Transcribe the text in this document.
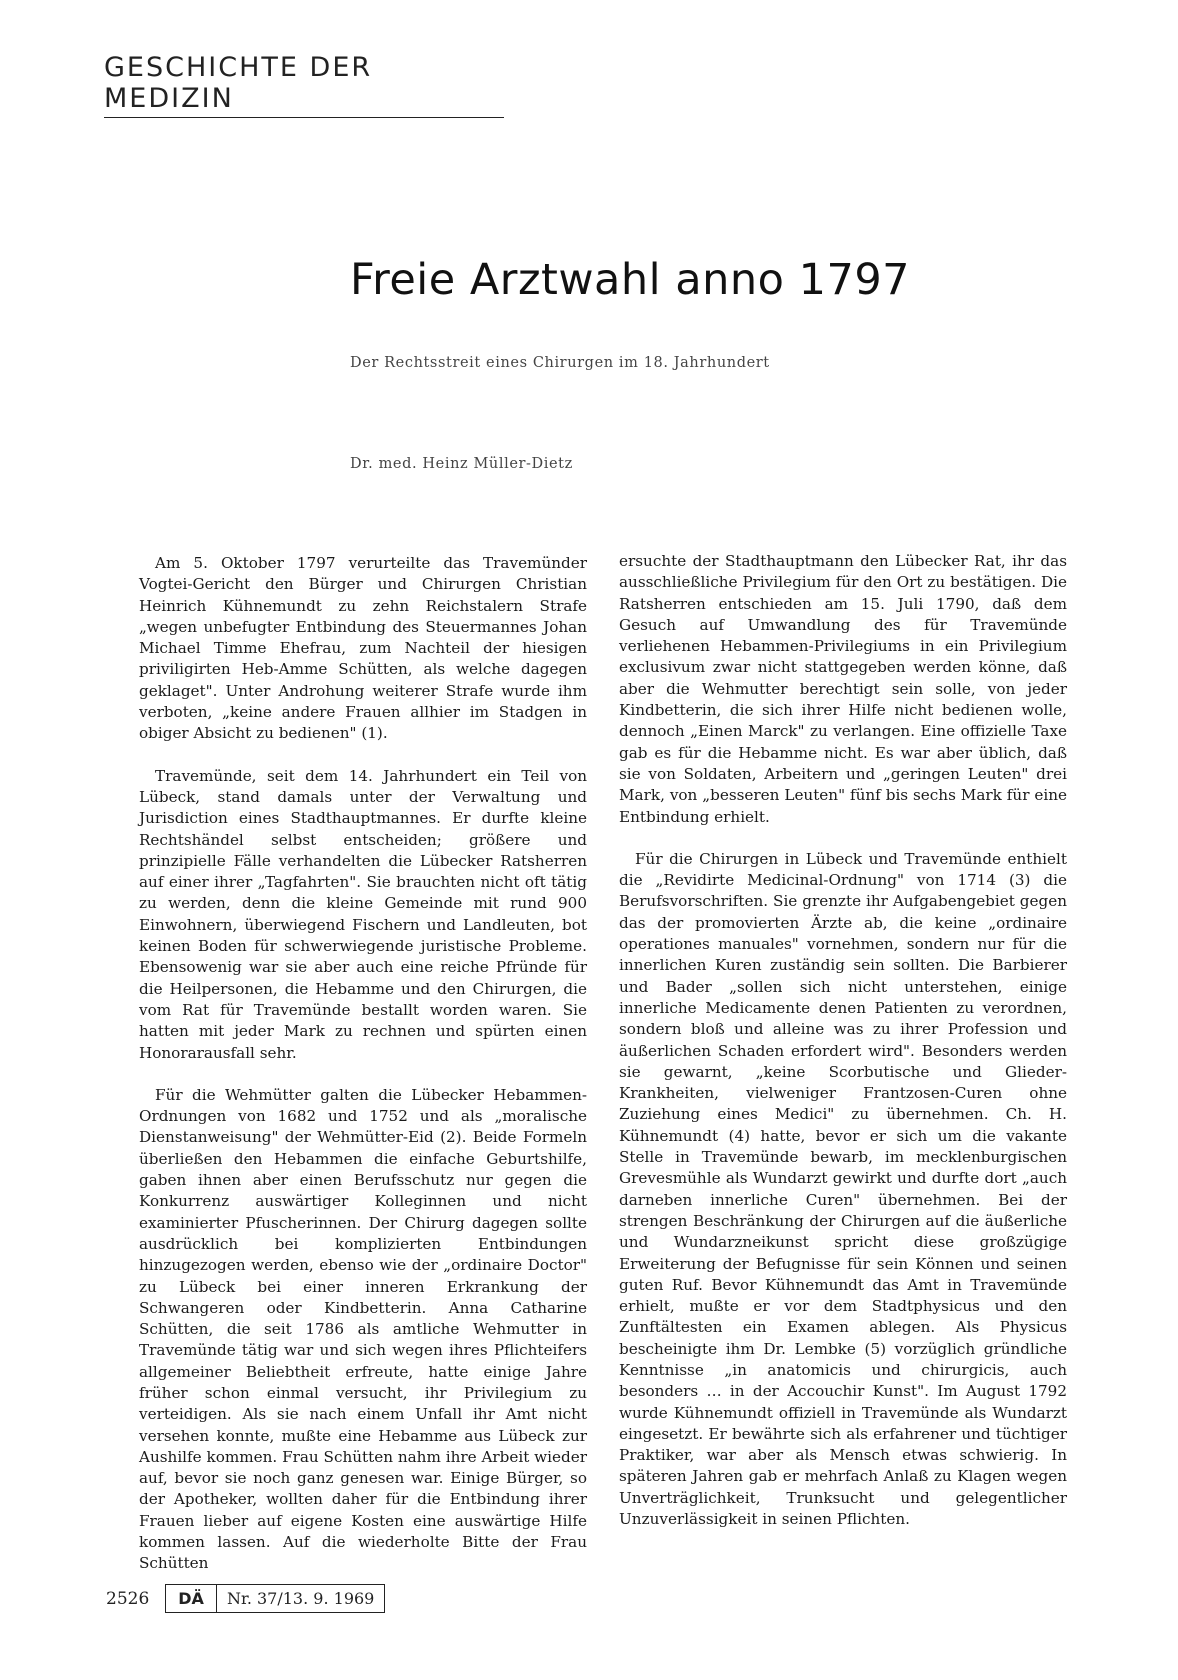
GESCHICHTE DER MEDIZIN
Freie Arztwahl anno 1797
Der Rechtsstreit eines Chirurgen im 18. Jahrhundert
Dr. med. Heinz Müller-Dietz

Am 5. Oktober 1797 verurteilte das Travemünder Vogtei-Gericht den Bürger und Chirurgen Christian Heinrich Kühnemundt zu zehn Reichstalern Strafe „wegen unbefugter Entbindung des Steuermannes Johan Michael Timme Ehefrau, zum Nachteil der hiesigen priviligirten Heb-Amme Schütten, als welche dagegen geklaget". Unter Androhung weiterer Strafe wurde ihm verboten, „keine andere Frauen allhier im Stadgen in obiger Absicht zu bedienen" (1).

Travemünde, seit dem 14. Jahrhundert ein Teil von Lübeck, stand damals unter der Verwaltung und Jurisdiction eines Stadthauptmannes. Er durfte kleine Rechtshändel selbst entscheiden; größere und prinzipielle Fälle verhandelten die Lübecker Ratsherren auf einer ihrer „Tagfahrten". Sie brauchten nicht oft tätig zu werden, denn die kleine Gemeinde mit rund 900 Einwohnern, überwiegend Fischern und Landleuten, bot keinen Boden für schwerwiegende juristische Probleme. Ebensowenig war sie aber auch eine reiche Pfründe für die Heilpersonen, die Hebamme und den Chirurgen, die vom Rat für Travemünde bestallt worden waren. Sie hatten mit jeder Mark zu rechnen und spürten einen Honorarausfall sehr.

Für die Wehmütter galten die Lübecker Hebammen-Ordnungen von 1682 und 1752 und als „moralische Dienstanweisung" der Wehmütter-Eid (2). Beide Formeln überließen den Hebammen die einfache Geburtshilfe, gaben ihnen aber einen Berufsschutz nur gegen die Konkurrenz auswärtiger Kolleginnen und nicht examinierter Pfuscherinnen. Der Chirurg dagegen sollte ausdrücklich bei komplizierten Entbindungen hinzugezogen werden, ebenso wie der „ordinaire Doctor" zu Lübeck bei einer inneren Erkrankung der Schwangeren oder Kindbetterin. Anna Catharine Schütten, die seit 1786 als amtliche Wehmutter in Travemünde tätig war und sich wegen ihres Pflichteifers allgemeiner Beliebtheit erfreute, hatte einige Jahre früher schon einmal versucht, ihr Privilegium zu verteidigen. Als sie nach einem Unfall ihr Amt nicht versehen konnte, mußte eine Hebamme aus Lübeck zur Aushilfe kommen. Frau Schütten nahm ihre Arbeit wieder auf, bevor sie noch ganz genesen war. Einige Bürger, so der Apotheker, wollten daher für die Entbindung ihrer Frauen lieber auf eigene Kosten eine auswärtige Hilfe kommen lassen. Auf die wiederholte Bitte der Frau Schütten

ersuchte der Stadthauptmann den Lübecker Rat, ihr das ausschließliche Privilegium für den Ort zu bestätigen. Die Ratsherren entschieden am 15. Juli 1790, daß dem Gesuch auf Umwandlung des für Travemünde verliehenen Hebammen-Privilegiums in ein Privilegium exclusivum zwar nicht stattgegeben werden könne, daß aber die Wehmutter berechtigt sein solle, von jeder Kindbetterin, die sich ihrer Hilfe nicht bedienen wolle, dennoch „Einen Marck" zu verlangen. Eine offizielle Taxe gab es für die Hebamme nicht. Es war aber üblich, daß sie von Soldaten, Arbeitern und „geringen Leuten" drei Mark, von „besseren Leuten" fünf bis sechs Mark für eine Entbindung erhielt.

Für die Chirurgen in Lübeck und Travemünde enthielt die „Revidirte Medicinal-Ordnung" von 1714 (3) die Berufsvorschriften. Sie grenzte ihr Aufgabengebiet gegen das der promovierten Ärzte ab, die keine „ordinaire operationes manuales" vornehmen, sondern nur für die innerlichen Kuren zuständig sein sollten. Die Barbierer und Bader „sollen sich nicht unterstehen, einige innerliche Medicamente denen Patienten zu verordnen, sondern bloß und alleine was zu ihrer Profession und äußerlichen Schaden erfordert wird". Besonders werden sie gewarnt, „keine Scorbutische und Glieder-Krankheiten, vielweniger Frantzosen-Curen ohne Zuziehung eines Medici" zu übernehmen. Ch. H. Kühnemundt (4) hatte, bevor er sich um die vakante Stelle in Travemünde bewarb, im mecklenburgischen Grevesmühle als Wundarzt gewirkt und durfte dort „auch darneben innerliche Curen" übernehmen. Bei der strengen Beschränkung der Chirurgen auf die äußerliche und Wundarzneikunst spricht diese großzügige Erweiterung der Befugnisse für sein Können und seinen guten Ruf. Bevor Kühnemundt das Amt in Travemünde erhielt, mußte er vor dem Stadtphysicus und den Zunftältesten ein Examen ablegen. Als Physicus bescheinigte ihm Dr. Lembke (5) vorzüglich gründliche Kenntnisse „in anatomicis und chirurgicis, auch besonders … in der Accouchir Kunst". Im August 1792 wurde Kühnemundt offiziell in Travemünde als Wundarzt eingesetzt. Er bewährte sich als erfahrener und tüchtiger Praktiker, war aber als Mensch etwas schwierig. In späteren Jahren gab er mehrfach Anlaß zu Klagen wegen Unverträglichkeit, Trunksucht und gelegentlicher Unzuverlässigkeit in seinen Pflichten.

2526	DÄ	Nr. 37/13. 9. 1969
